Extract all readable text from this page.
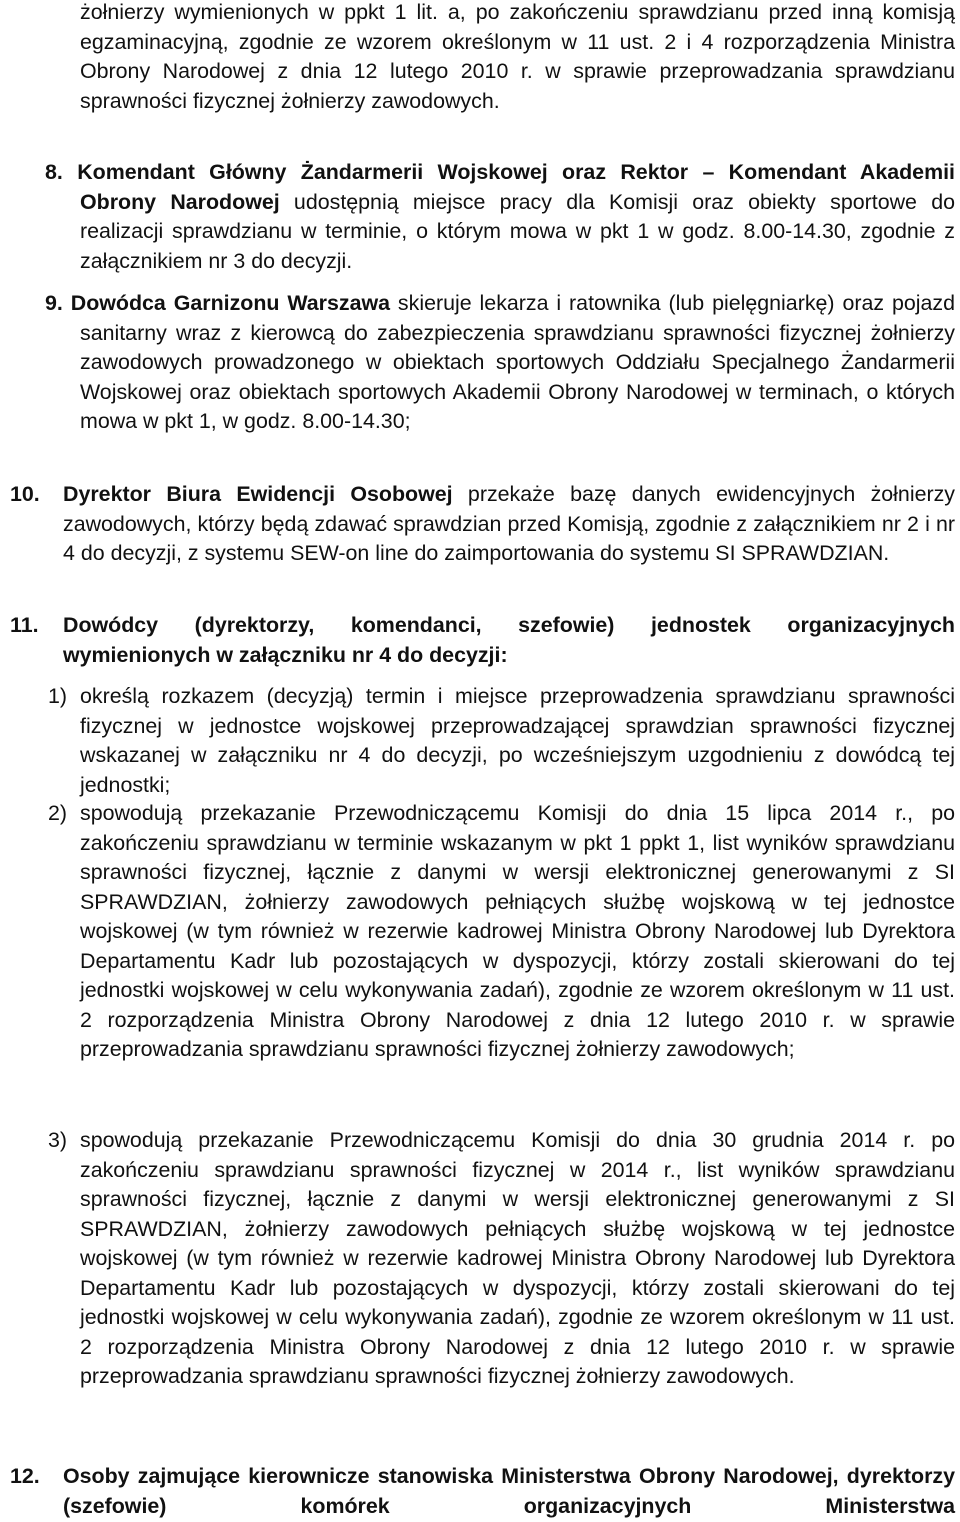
żołnierzy wymienionych w ppkt 1 lit. a, po zakończeniu sprawdzianu przed inną komisją egzaminacyjną, zgodnie ze wzorem określonym w 11 ust. 2 i 4 rozporządzenia Ministra Obrony Narodowej z dnia 12 lutego 2010 r. w sprawie przeprowadzania sprawdzianu sprawności fizycznej żołnierzy zawodowych.
8. Komendant Główny Żandarmerii Wojskowej oraz Rektor – Komendant Akademii Obrony Narodowej udostępnią miejsce pracy dla Komisji oraz obiekty sportowe do realizacji sprawdzianu w terminie, o którym mowa w pkt 1 w godz. 8.00-14.30, zgodnie z załącznikiem nr 3 do decyzji.
9. Dowódca Garnizonu Warszawa skieruje lekarza i ratownika (lub pielęgniarkę) oraz pojazd sanitarny wraz z kierowcą do zabezpieczenia sprawdzianu sprawności fizycznej żołnierzy zawodowych prowadzonego w obiektach sportowych Oddziału Specjalnego Żandarmerii Wojskowej oraz obiektach sportowych Akademii Obrony Narodowej w terminach, o których mowa w pkt 1, w godz. 8.00-14.30;
10. Dyrektor Biura Ewidencji Osobowej przekaże bazę danych ewidencyjnych żołnierzy zawodowych, którzy będą zdawać sprawdzian przed Komisją, zgodnie z załącznikiem nr 2 i nr 4 do decyzji, z systemu SEW-on line do zaimportowania do systemu SI SPRAWDZIAN.
11. Dowódcy (dyrektorzy, komendanci, szefowie) jednostek organizacyjnych wymienionych w załączniku nr 4 do decyzji:
1) określą rozkazem (decyzją) termin i miejsce przeprowadzenia sprawdzianu sprawności fizycznej w jednostce wojskowej przeprowadzającej sprawdzian sprawności fizycznej wskazanej w załączniku nr 4 do decyzji, po wcześniejszym uzgodnieniu z dowódcą tej jednostki;
2) spowodują przekazanie Przewodniczącemu Komisji do dnia 15 lipca 2014 r., po zakończeniu sprawdzianu w terminie wskazanym w pkt 1 ppkt 1, list wyników sprawdzianu sprawności fizycznej, łącznie z danymi w wersji elektronicznej generowanymi z SI SPRAWDZIAN, żołnierzy zawodowych pełniących służbę wojskową w tej jednostce wojskowej (w tym również w rezerwie kadrowej Ministra Obrony Narodowej lub Dyrektora Departamentu Kadr lub pozostających w dyspozycji, którzy zostali skierowani do tej jednostki wojskowej w celu wykonywania zadań), zgodnie ze wzorem określonym w 11 ust. 2 rozporządzenia Ministra Obrony Narodowej z dnia 12 lutego 2010 r. w sprawie przeprowadzania sprawdzianu sprawności fizycznej żołnierzy zawodowych;
3) spowodują przekazanie Przewodniczącemu Komisji do dnia 30 grudnia 2014 r. po zakończeniu sprawdzianu sprawności fizycznej w 2014 r., list wyników sprawdzianu sprawności fizycznej, łącznie z danymi w wersji elektronicznej generowanymi z SI SPRAWDZIAN, żołnierzy zawodowych pełniących służbę wojskową w tej jednostce wojskowej (w tym również w rezerwie kadrowej Ministra Obrony Narodowej lub Dyrektora Departamentu Kadr lub pozostających w dyspozycji, którzy zostali skierowani do tej jednostki wojskowej w celu wykonywania zadań), zgodnie ze wzorem określonym w 11 ust. 2 rozporządzenia Ministra Obrony Narodowej z dnia 12 lutego 2010 r. w sprawie przeprowadzania sprawdzianu sprawności fizycznej żołnierzy zawodowych.
12. Osoby zajmujące kierownicze stanowiska Ministerstwa Obrony Narodowej, dyrektorzy (szefowie) komórek organizacyjnych Ministerstwa
